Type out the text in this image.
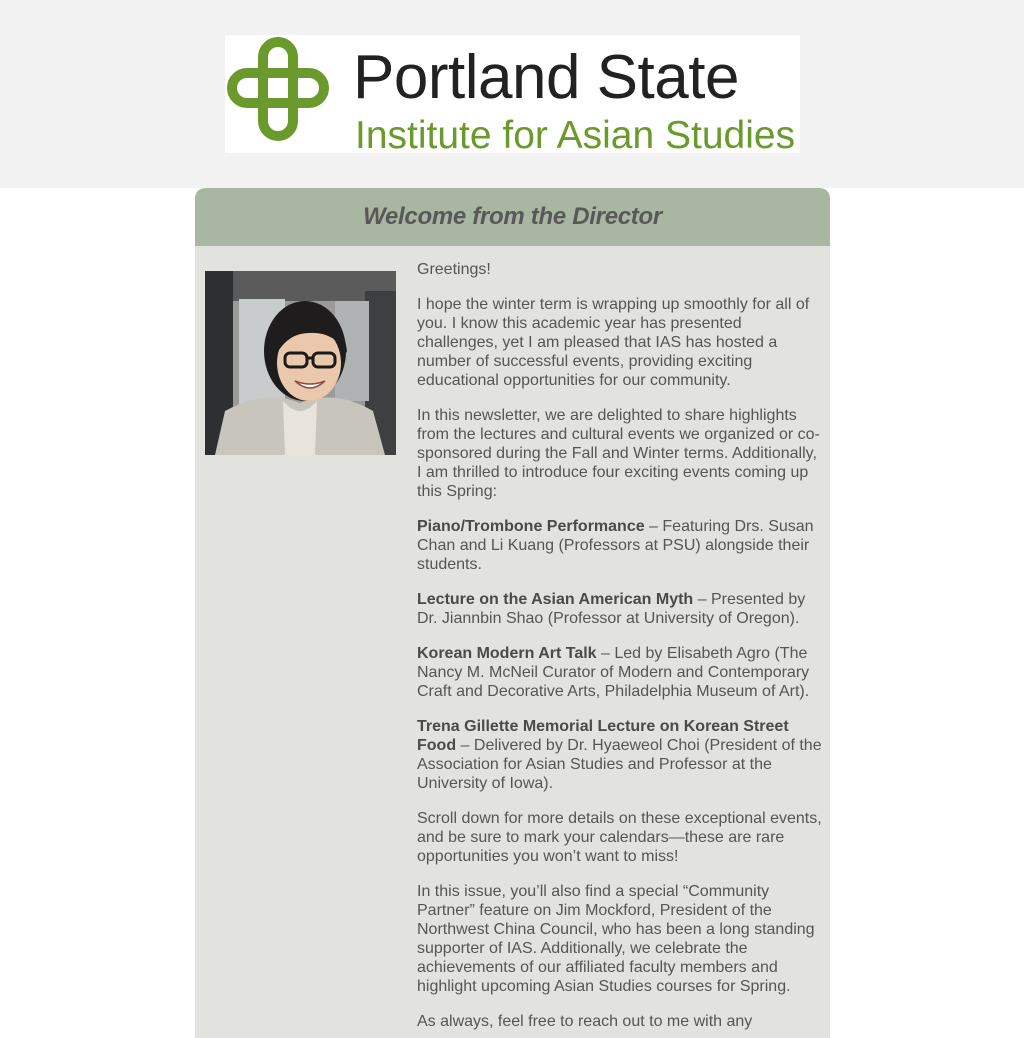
Portland State
Institute for Asian Studies
Welcome from the Director

Greetings!

I hope the winter term is wrapping up smoothly for all of you. I know this academic year has presented challenges, yet I am pleased that IAS has hosted a number of successful events, providing exciting educational opportunities for our community.

In this newsletter, we are delighted to share highlights from the lectures and cultural events we organized or co-sponsored during the Fall and Winter terms. Additionally, I am thrilled to introduce four exciting events coming up this Spring:

Piano/Trombone Performance – Featuring Drs. Susan Chan and Li Kuang (Professors at PSU) alongside their students.

Lecture on the Asian American Myth – Presented by Dr. Jiannbin Shao (Professor at University of Oregon).

Korean Modern Art Talk – Led by Elisabeth Agro (The Nancy M. McNeil Curator of Modern and Contemporary Craft and Decorative Arts, Philadelphia Museum of Art).

Trena Gillette Memorial Lecture on Korean Street Food – Delivered by Dr. Hyaeweol Choi (President of the Association for Asian Studies and Professor at the University of Iowa).

Scroll down for more details on these exceptional events, and be sure to mark your calendars—these are rare opportunities you won’t want to miss!

In this issue, you’ll also find a special “Community Partner” feature on Jim Mockford, President of the Northwest China Council, who has been a long standing supporter of IAS. Additionally, we celebrate the achievements of our affiliated faculty members and highlight upcoming Asian Studies courses for Spring.

As always, feel free to reach out to me with any
